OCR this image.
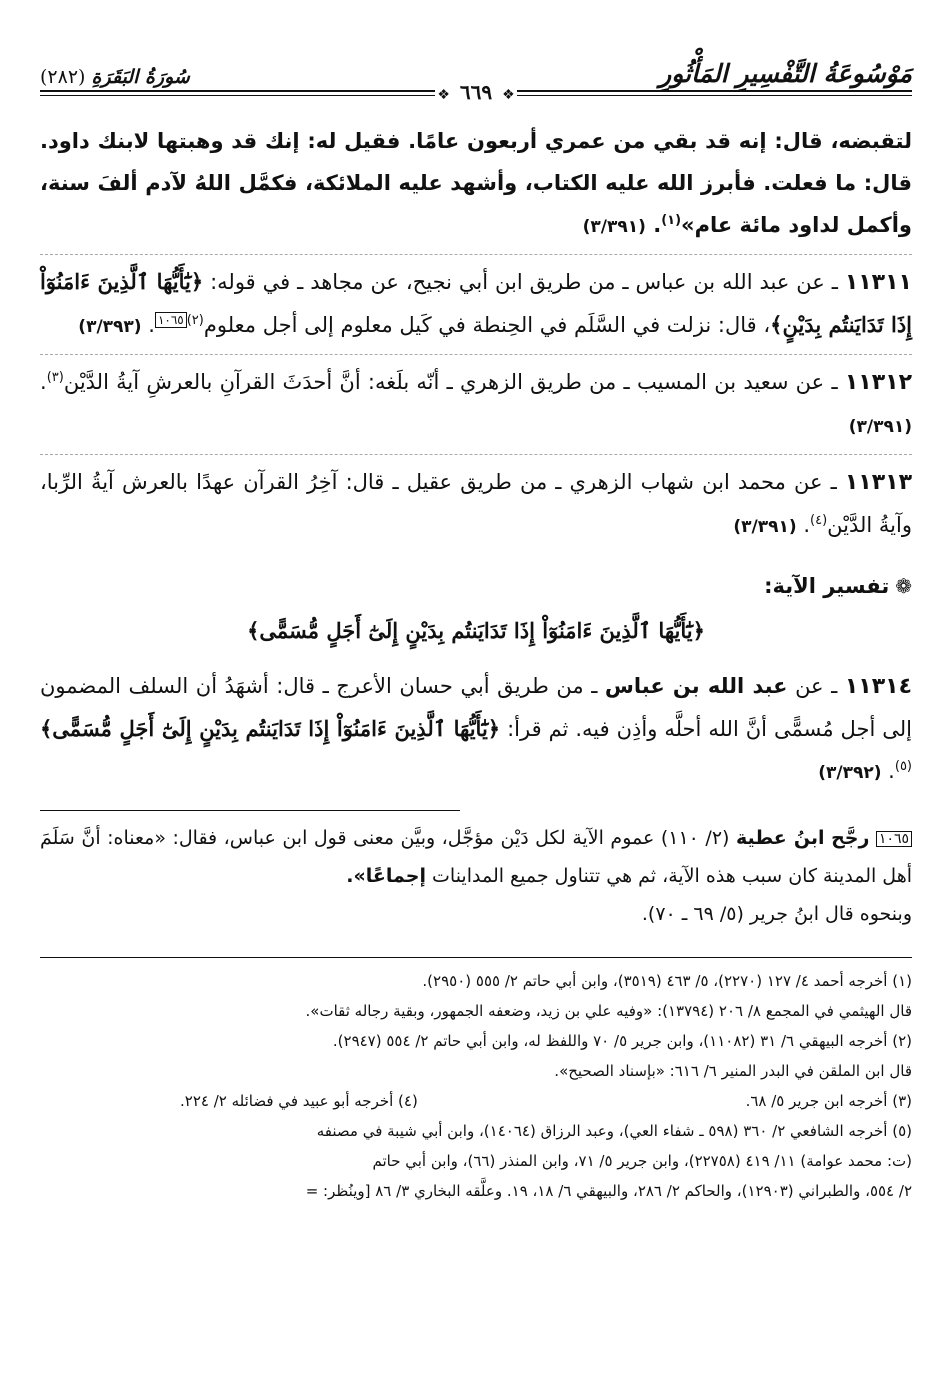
مَوْسُوعَةُ التَّفْسِيرِ المَأْثُورِ
سُورَةُ البَقَرَةِ (٢٨٢)
❖٦٦٩❖

لتقبضه، قال: إنه قد بقي من عمري أربعون عامًا. فقيل له: إنك قد وهبتها لابنك داود. قال: ما فعلت. فأبرز الله عليه الكتاب، وأشهد عليه الملائكة، فكمَّل اللهُ لآدم ألفَ سنة، وأكمل لداود مائة عام»$^{(١)}$. (٣/٣٩١)

١١٣١١ ـ عن عبد الله بن عباس ـ من طريق ابن أبي نجيح، عن مجاهد ـ في قوله: ﴿يَٰٓأَيُّهَا ٱلَّذِينَ ءَامَنُوٓاْ إِذَا تَدَايَنتُم بِدَيْنٍ﴾، قال: نزلت في السَّلَم في الحِنطة في كَيل معلوم إلى أجل معلوم$^{(٢)}$١٠٦٥. (٣/٣٩٣)

١١٣١٢ ـ عن سعيد بن المسيب ـ من طريق الزهري ـ أنّه بلَغه: أنَّ أحدَثَ القرآنِ بالعرشِ آيةُ الدَّيْن$^{(٣)}$. (٣/٣٩١)

١١٣١٣ ـ عن محمد ابن شهاب الزهري ـ من طريق عقيل ـ قال: آخِرُ القرآن عهدًا بالعرش آيةُ الرِّبا، وآيةُ الدَّيْن$^{(٤)}$. (٣/٣٩١)

❁تفسير الآية:
﴿يَٰٓأَيُّهَا ٱلَّذِينَ ءَامَنُوٓاْ إِذَا تَدَايَنتُم بِدَيْنٍ إِلَىٰٓ أَجَلٍ مُّسَمًّى﴾

١١٣١٤ ـ عن عبد الله بن عباس ـ من طريق أبي حسان الأعرج ـ قال: أشهَدُ أن السلف المضمون إلى أجل مُسمًّى أنَّ الله أحلَّه وأذِن فيه. ثم قرأ: ﴿يَٰٓأَيُّهَا ٱلَّذِينَ ءَامَنُوٓاْ إِذَا تَدَايَنتُم بِدَيْنٍ إِلَىٰٓ أَجَلٍ مُّسَمًّى﴾$^{(٥)}$. (٣/٣٩٢)

١٠٦٥ رجَّح ابنُ عطية (٢/ ١١٠) عموم الآية لكل دَيْن مؤجَّل، وبيَّن معنى قول ابن عباس، فقال: «معناه: أنَّ سَلَمَ أهل المدينة كان سبب هذه الآية، ثم هي تتناول جميع المداينات إجماعًا».
وبنحوه قال ابنُ جرير (٥/ ٦٩ ـ ٧٠).

(١) أخرجه أحمد ٤/ ١٢٧ (٢٢٧٠)، ٥/ ٤٦٣ (٣٥١٩)، وابن أبي حاتم ٢/ ٥٥٥ (٢٩٥٠).

قال الهيثمي في المجمع ٨/ ٢٠٦ (١٣٧٩٤): «وفيه علي بن زيد، وضعفه الجمهور، وبقية رجاله ثقات».

(٢) أخرجه البيهقي ٦/ ٣١ (١١٠٨٢)، وابن جرير ٥/ ٧٠ واللفظ له، وابن أبي حاتم ٢/ ٥٥٤ (٢٩٤٧).

قال ابن الملقن في البدر المنير ٦/ ٦١٦: «بإسناد الصحيح».

(٣) أخرجه ابن جرير ٥/ ٦٨.
(٤) أخرجه أبو عبيد في فضائله ٢/ ٢٢٤.

(٥) أخرجه الشافعي ٢/ ٣٦٠ (٥٩٨ ـ شفاء العي)، وعبد الرزاق (١٤٠٦٤)، وابن أبي شيبة في مصنفه

(ت: محمد عوامة) ١١/ ٤١٩ (٢٢٧٥٨)، وابن جرير ٥/ ٧١، وابن المنذر (٦٦)، وابن أبي حاتم

٢/ ٥٥٤، والطبراني (١٢٩٠٣)، والحاكم ٢/ ٢٨٦، والبيهقي ٦/ ١٨، ١٩. وعلَّقه البخاري ٣/ ٨٦ [وينُظر: =
